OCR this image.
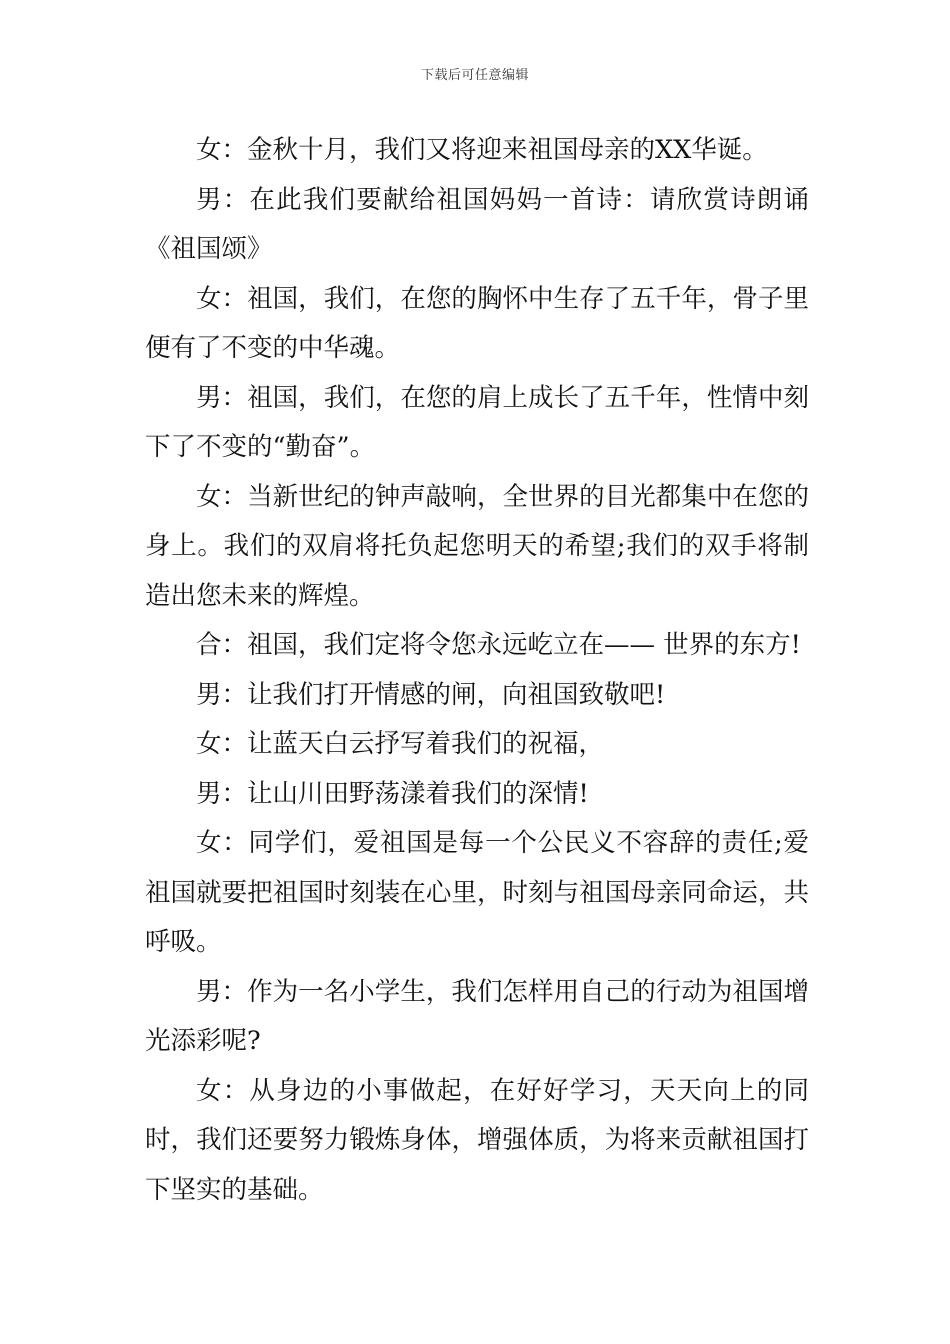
下载后可任意编辑

女：金秋十月，我们又将迎来祖国母亲的XX华诞。

男：在此我们要献给祖国妈妈一首诗：请欣赏诗朗诵《祖国颂》

女：祖国，我们，在您的胸怀中生存了五千年，骨子里便有了不变的中华魂。

男：祖国，我们，在您的肩上成长了五千年，性情中刻下了不变的“勤奋”。

女：当新世纪的钟声敲响，全世界的目光都集中在您的身上。我们的双肩将托负起您明天的希望;我们的双手将制造出您未来的辉煌。

合：祖国，我们定将令您永远屹立在—— 世界的东方!

男：让我们打开情感的闸，向祖国致敬吧!

女：让蓝天白云抒写着我们的祝福，

男：让山川田野荡漾着我们的深情!

女：同学们，爱祖国是每一个公民义不容辞的责任;爱祖国就要把祖国时刻装在心里，时刻与祖国母亲同命运，共呼吸。

男：作为一名小学生，我们怎样用自己的行动为祖国增光添彩呢?

女：从身边的小事做起，在好好学习，天天向上的同时，我们还要努力锻炼身体，增强体质，为将来贡献祖国打下坚实的基础。
